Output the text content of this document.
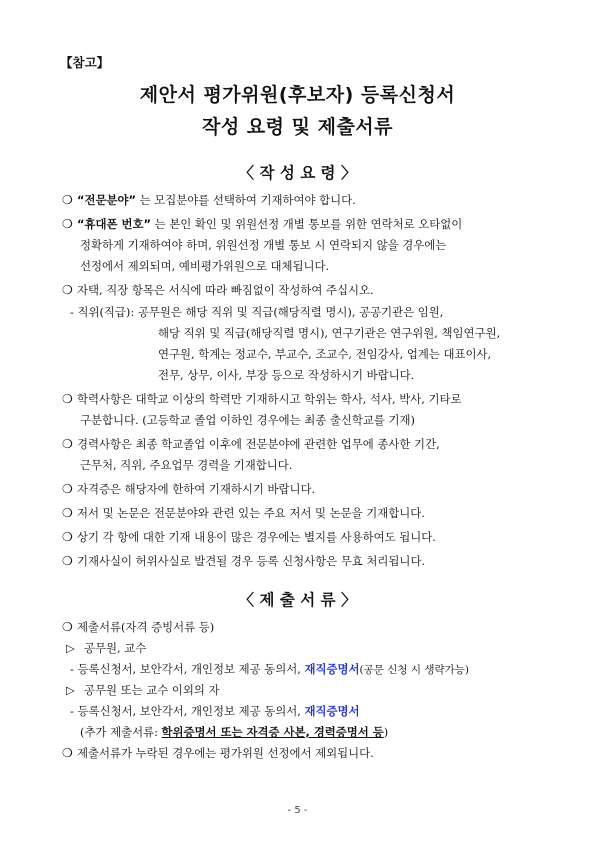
【참고】
제안서 평가위원(후보자) 등록신청서
작성 요령 및 제출서류
〈 작 성 요 령 〉
❍ “전문분야” 는 모집분야를 선택하여 기재하여야 합니다.
❍ “휴대폰 번호” 는 본인 확인 및 위원선정 개별 통보를 위한 연락처로 오타없이
정확하게 기재하여야 하며, 위원선정 개별 통보 시 연락되지 않을 경우에는
선정에서 제외되며, 예비평가위원으로 대체됩니다.
❍ 자택, 직장 항목은 서식에 따라 빠짐없이 작성하여 주십시오.
- 직위(직급): 공무원은 해당 직위 및 직급(해당직렬 명시), 공공기관은 임원,
해당 직위 및 직급(해당직렬 명시), 연구기관은 연구위원, 책임연구원,
연구원, 학계는 정교수, 부교수, 조교수, 전임강사, 업계는 대표이사,
전무, 상무, 이사, 부장 등으로 작성하시기 바랍니다.
❍ 학력사항은 대학교 이상의 학력만 기재하시고 학위는 학사, 석사, 박사, 기타로
구분합니다. (고등학교 졸업 이하인 경우에는 최종 출신학교를 기재)
❍ 경력사항은 최종 학교졸업 이후에 전문분야에 관련한 업무에 종사한 기간,
근무처, 직위, 주요업무 경력을 기재합니다.
❍ 자격증은 해당자에 한하여 기재하시기 바랍니다.
❍ 저서 및 논문은 전문분야와 관련 있는 주요 저서 및 논문을 기재합니다.
❍ 상기 각 항에 대한 기재 내용이 많은 경우에는 별지를 사용하여도 됩니다.
❍ 기재사실이 허위사실로 발견될 경우 등록 신청사항은 무효 처리됩니다.
〈 제 출 서 류 〉
❍ 제출서류(자격 증빙서류 등)
▷ 공무원, 교수
- 등록신청서, 보안각서, 개인정보 제공 동의서, 재직증명서(공문 신청 시 생략가능)
▷ 공무원 또는 교수 이외의 자
- 등록신청서, 보안각서, 개인정보 제공 동의서, 재직증명서
(추가 제출서류: 학위증명서 또는 자격증 사본, 경력증명서 등)
❍ 제출서류가 누락된 경우에는 평가위원 선정에서 제외됩니다.
- 5 -
